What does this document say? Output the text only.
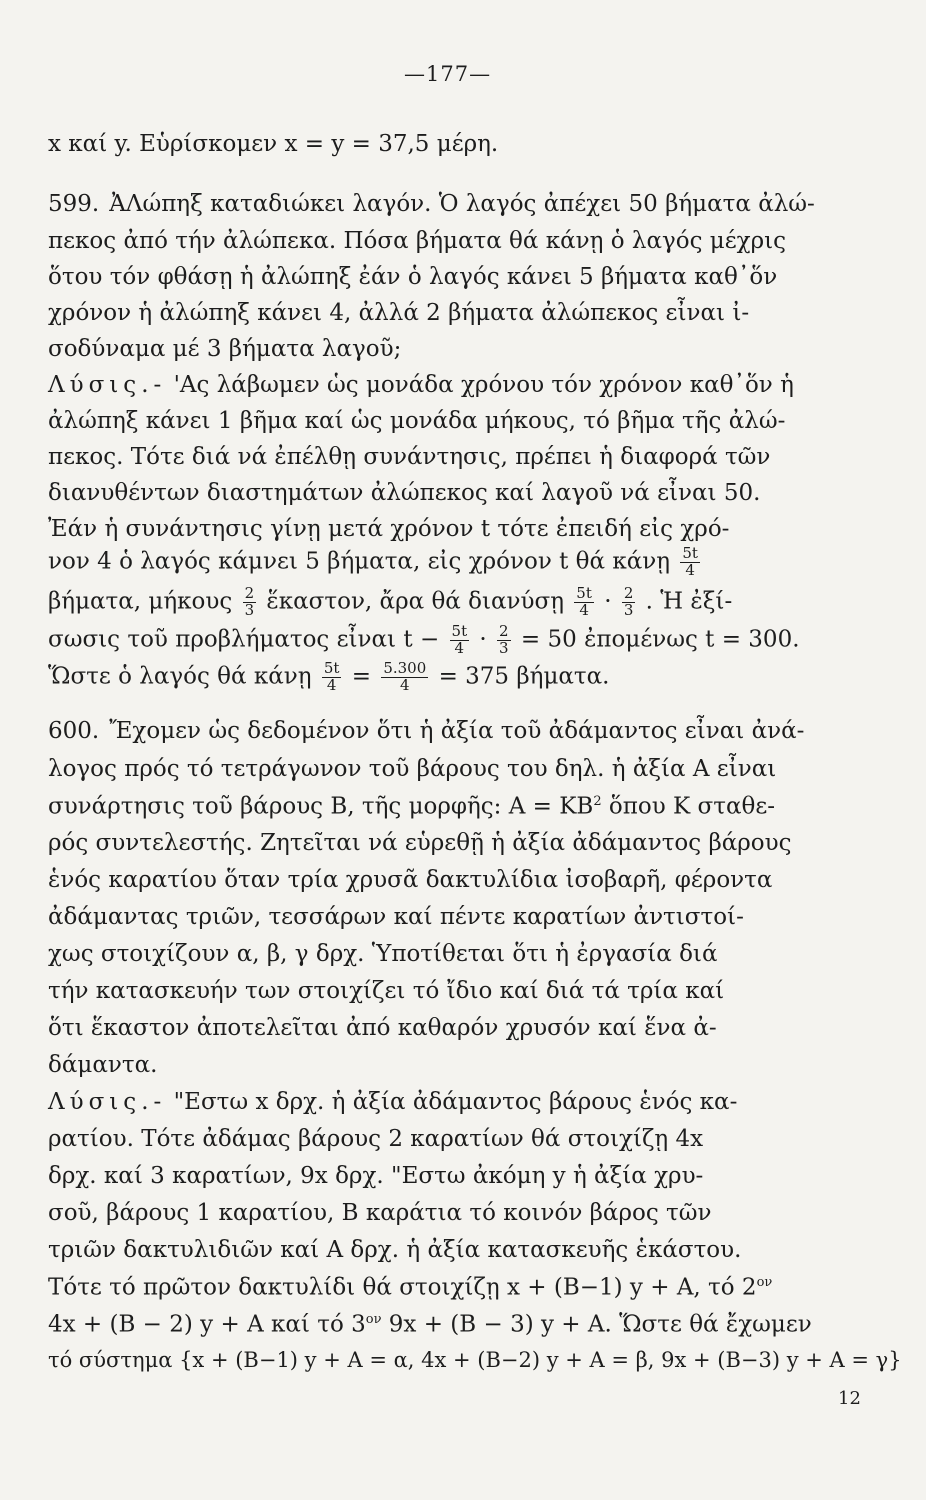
—177—
x καί y. Εὑρίσκομεν x = y = 37,5 μέρη.
599. ἈΛώπηξ καταδιώκει λαγόν. Ὁ λαγός ἀπέχει 50 βήματα ἀλώ-
πεκος ἀπό τήν ἀλώπεκα. Πόσα βήματα θά κάνῃ ὁ λαγός μέχρις
ὅτου τόν φθάσῃ ἡ ἀλώπηξ ἐάν ὁ λαγός κάνει 5 βήματα καθ᾽ὅν
χρόνον ἡ ἀλώπηξ κάνει 4, ἀλλά 2 βήματα ἀλώπεκος εἶναι ἰ-
σοδύναμα μέ 3 βήματα λαγοῦ;
Λύσις.- 'Ας λάβωμεν ὡς μονάδα χρόνου τόν χρόνον καθ᾽ὅν ἡ
ἀλώπηξ κάνει 1 βῆμα καί ὡς μονάδα μήκους, τό βῆμα τῆς ἀλώ-
πεκος. Τότε διά νά ἐπέλθῃ συνάντησις, πρέπει ἡ διαφορά τῶν
διανυθέντων διαστημάτων ἀλώπεκος καί λαγοῦ νά εἶναι 50.
Ἐάν ἡ συνάντησις γίνῃ μετά χρόνον t τότε ἐπειδή εἰς χρό-
νον 4 ὁ λαγός κάμνει 5 βήματα, εἰς χρόνον t θά κάνῃ $\frac{5t}{4}$
βήματα, μήκους $\frac{2}{3}$ ἕκαστον, ἄρα θά διανύσῃ $\frac{5t}{4} \cdot \frac{2}{3}$ . Ἡ ἐξί-
σωσις τοῦ προβλήματος εἶναι $t - \frac{5t}{4} \cdot \frac{2}{3} = 50$ ἐπομένως t = 300.
Ὥστε ὁ λαγός θά κάνῃ $\frac{5t}{4} = \frac{5.300}{4} = 375$ βήματα.
600. Ἔχομεν ὡς δεδομένον ὅτι ἡ ἀξία τοῦ ἀδάμαντος εἶναι ἀνά-
λογος πρός τό τετράγωνον τοῦ βάρους του δηλ. ἡ ἀξία A εἶναι
συνάρτησις τοῦ βάρους B, τῆς μορφῆς: $A = KB^2$ ὅπου K σταθε-
ρός συντελεστής. Ζητεῖται νά εὑρεθῇ ἡ ἀξία ἀδάμαντος βάρους
ἑνός καρατίου ὅταν τρία χρυσᾶ δακτυλίδια ἰσοβαρῆ, φέροντα
ἀδάμαντας τριῶν, τεσσάρων καί πέντε καρατίων ἀντιστοί-
χως στοιχίζουν α, β, γ δρχ. Ὑποτίθεται ὅτι ἡ ἐργασία διά
τήν κατασκευήν των στοιχίζει τό ἴδιο καί διά τά τρία καί
ὅτι ἕκαστον ἀποτελεῖται ἀπό καθαρόν χρυσόν καί ἕνα ἀ-
δάμαντα.
Λύσις.- "Εστω x δρχ. ἡ ἀξία ἀδάμαντος βάρους ἑνός κα-
ρατίου. Τότε ἀδάμας βάρους 2 καρατίων θά στοιχίζῃ 4x
δρχ. καί 3 καρατίων, 9x δρχ. "Εστω ἀκόμη y ἡ ἀξία χρυ-
σοῦ, βάρους 1 καρατίου, B καράτια τό κοινόν βάρος τῶν
τριῶν δακτυλιδιῶν καί A δρχ. ἡ ἀξία κατασκευῆς ἑκάστου.
Τότε τό πρῶτον δακτυλίδι θά στοιχίζῃ x + (B−1) y + A, τό $2^{o\nu}$
4x + (B − 2) y + A καί τό $3^{o\nu}$ 9x + (B − 3) y + A. Ὥστε θά ἔχωμεν
τό σύστημα {x + (B−1) y + A = α, 4x + (B−2) y + A = β, 9x + (B−3) y + A = γ}
12
